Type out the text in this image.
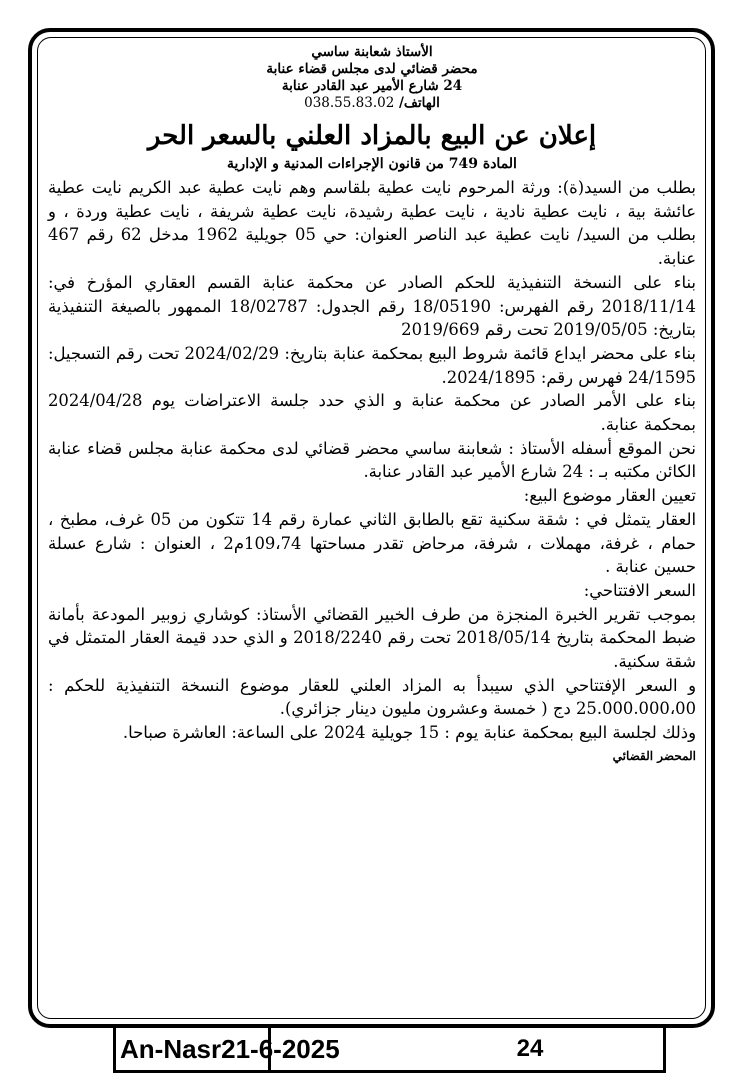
الأستاذ شعابنة ساسي
محضر قضائي لدى مجلس قضاء عنابة
24 شارع الأمير عبد القادر عنابة
الهاتف/ 038.55.83.02
إعلان عن البيع بالمزاد العلني بالسعر الحر
المادة 749 من قانون الإجراءات المدنية و الإدارية

بطلب من السيد(ة): ورثة المرحوم نايت عطية بلقاسم وهم نايت عطية عبد الكريم نايت عطية عائشة بية ، نايت عطية نادية ، نايت عطية رشيدة، نايت عطية شريفة ، نايت عطية وردة ، و بطلب من السيد/ نايت عطية عبد الناصر العنوان: حي 05 جويلية 1962 مدخل 62 رقم 467 عنابة.

بناء على النسخة التنفيذية للحكم الصادر عن محكمة عنابة القسم العقاري المؤرخ في: 2018/11/14 رقم الفهرس: 18/05190 رقم الجدول: 18/02787 الممهور بالصيغة التنفيذية بتاريخ: 2019/05/05 تحت رقم 2019/669

بناء على محضر ايداع قائمة شروط البيع بمحكمة عنابة بتاريخ: 2024/02/29 تحت رقم التسجيل: 24/1595 فهرس رقم: 2024/1895.

بناء على الأمر الصادر عن محكمة عنابة و الذي حدد جلسة الاعتراضات يوم 2024/04/28 بمحكمة عنابة.

نحن الموقع أسفله الأستاذ : شعابنة ساسي محضر قضائي لدى محكمة عنابة مجلس قضاء عنابة الكائن مكتبه بـ : 24 شارع الأمير عبد القادر عنابة.

تعيين العقار موضوع البيع:

العقار يتمثل في : شقة سكنية تقع بالطابق الثاني عمارة رقم 14 تتكون من 05 غرف، مطبخ ، حمام ، غرفة، مهملات ، شرفة، مرحاض تقدر مساحتها 109،74م2 ، العنوان : شارع عسلة حسين عنابة .

السعر الافتتاحي:

بموجب تقرير الخبرة المنجزة من طرف الخبير القضائي الأستاذ: كوشاري زوبير المودعة بأمانة ضبط المحكمة بتاريخ 2018/05/14 تحت رقم 2018/2240 و الذي حدد قيمة العقار المتمثل في شقة سكنية.

و السعر الإفتتاحي الذي سيبدأ به المزاد العلني للعقار موضوع النسخة التنفيذية للحكم : 25.000.000،00 دج ( خمسة وعشرون مليون دينار جزائري).

وذلك لجلسة البيع بمحكمة عنابة يوم : 15 جويلية 2024 على الساعة: العاشرة صباحا.

المحضر القضائي
An-Nasr21-6-2025	24
